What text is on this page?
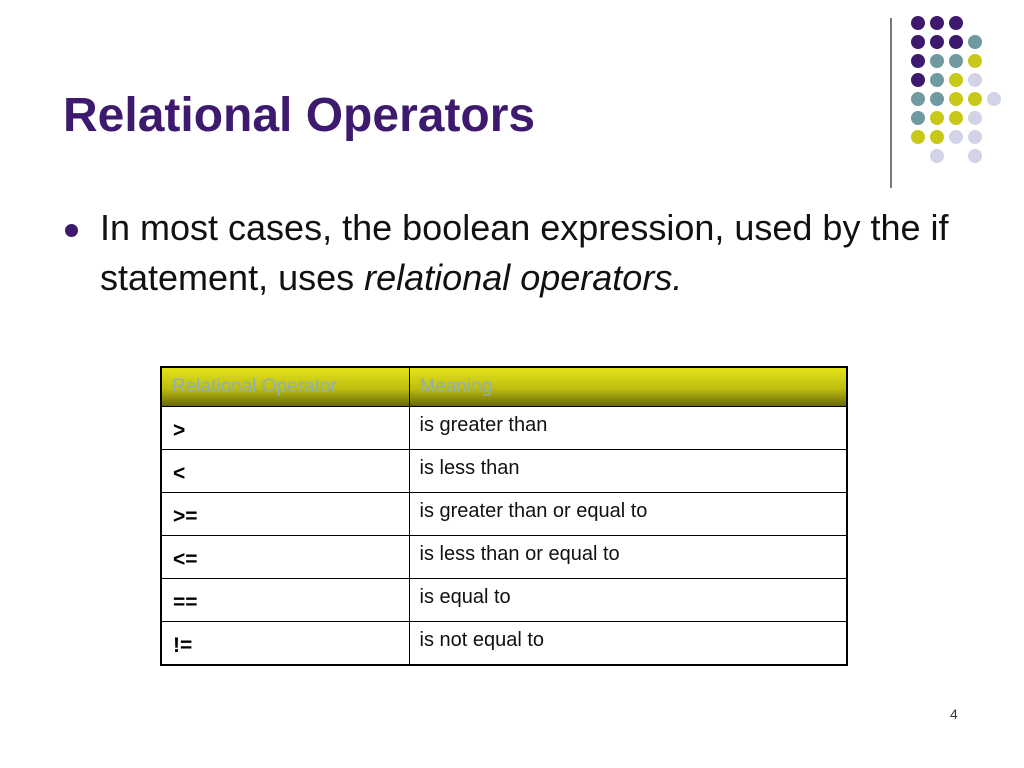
Relational Operators
In most cases, the boolean expression, used by the if statement, uses relational operators.
Relational Operator	Meaning
>	is greater than
<	is less than
>=	is greater than or equal to
<=	is less than or equal to
==	is equal to
!=	is not equal to
4
